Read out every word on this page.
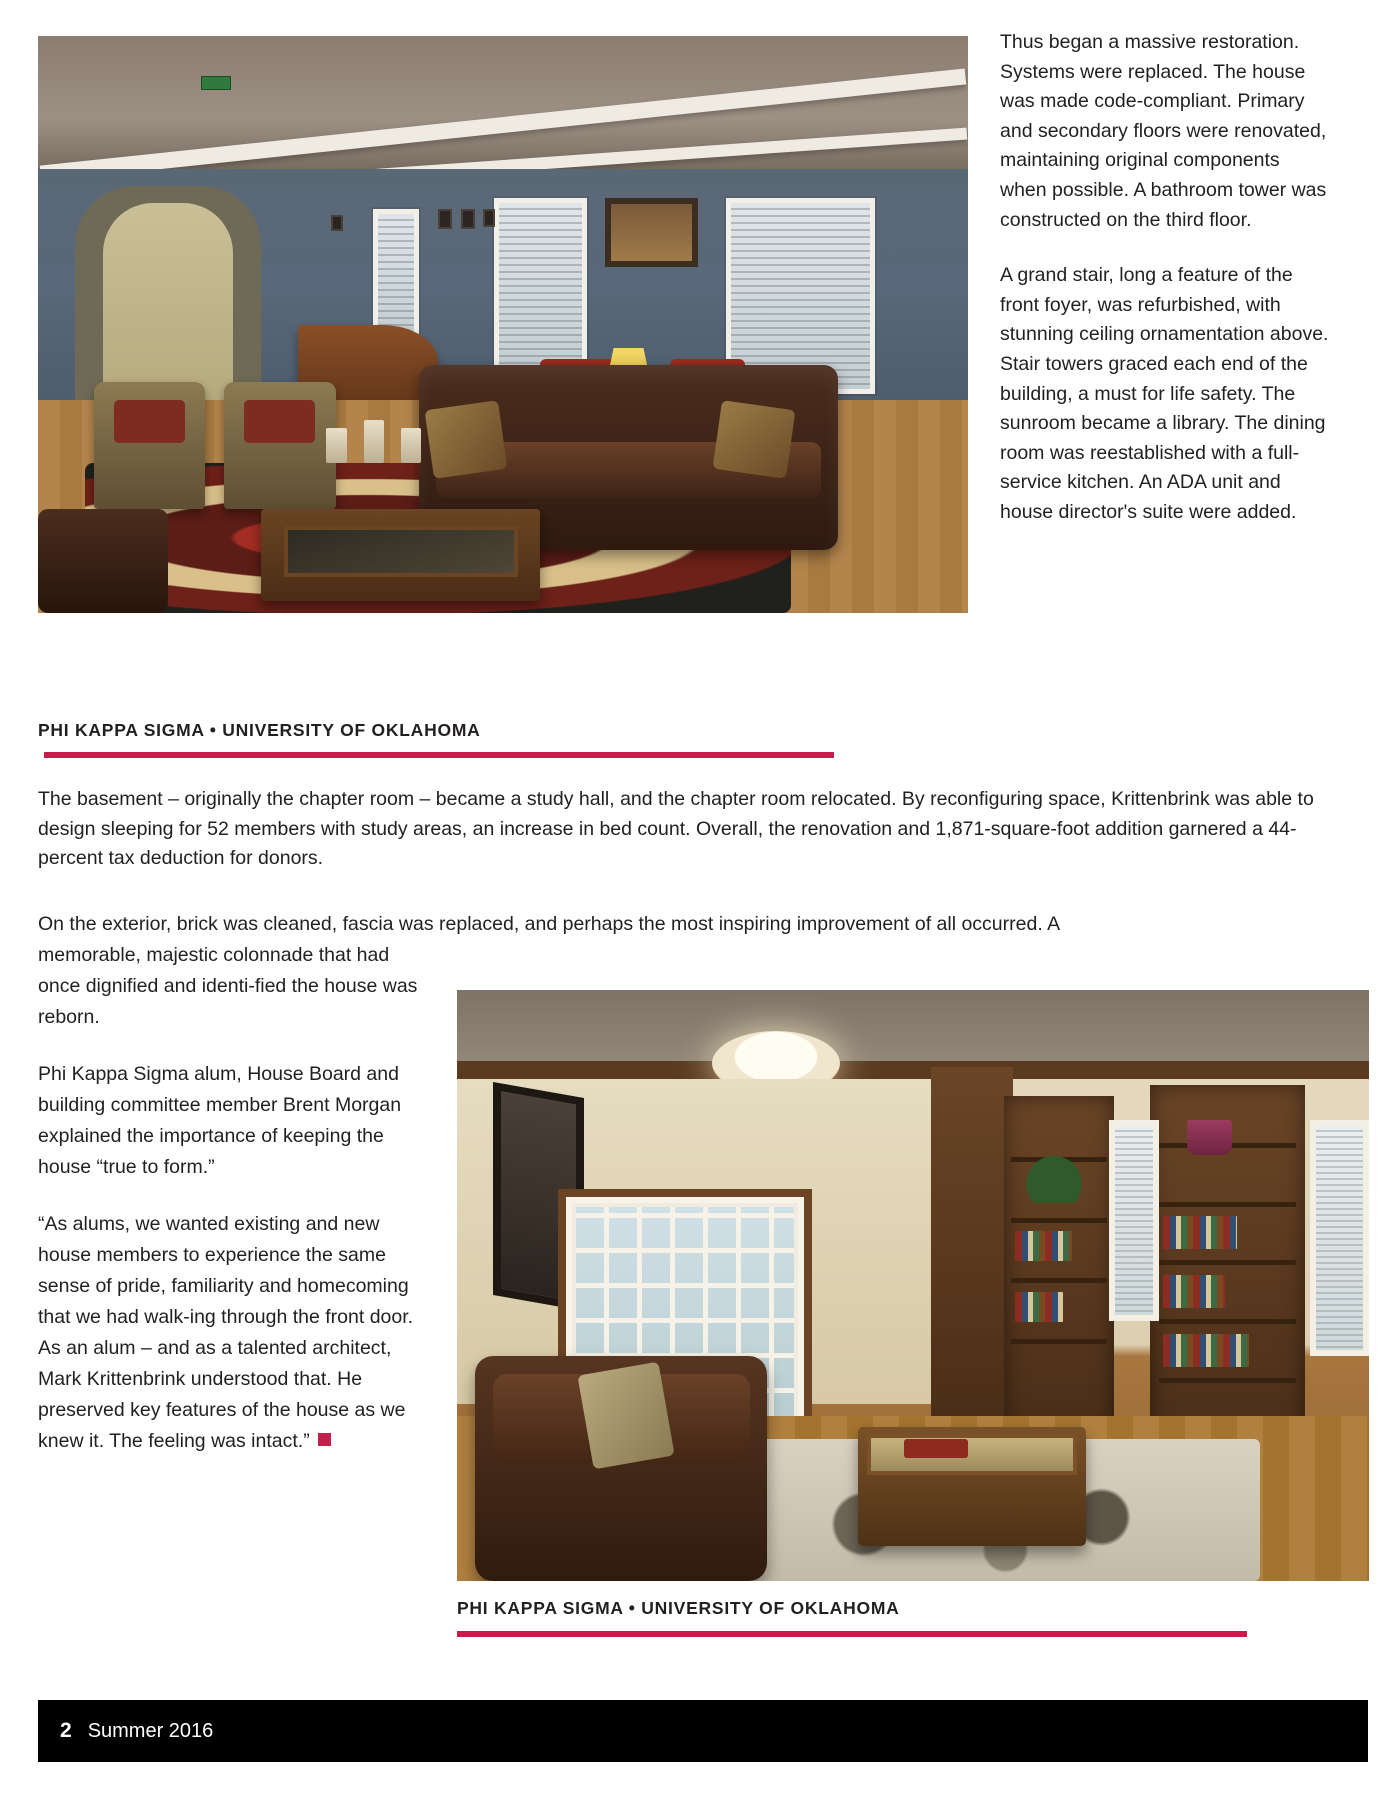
PHI KAPPA SIGMA • UNIVERSITY OF OKLAHOMA

Thus began a massive restoration. Systems were replaced. The house was made code-compliant. Primary and secondary floors were renovated, maintaining original components when possible. A bathroom tower was constructed on the third floor.

A grand stair, long a feature of the front foyer, was refurbished, with stunning ceiling ornamentation above. Stair towers graced each end of the building, a must for life safety. The sunroom became a library. The dining room was reestablished with a full-service kitchen. An ADA unit and house director's suite were added.

The basement – originally the chapter room – became a study hall, and the chapter room relocated. By reconfiguring space, Krittenbrink was able to design sleeping for 52 members with study areas, an increase in bed count. Overall, the renovation and 1,871-square-foot addition garnered a 44-percent tax deduction for donors.
On the exterior, brick was cleaned, fascia was replaced, and perhaps the most inspiring improvement of all occurred. A

memorable, majestic colonnade that had once dignified and identi-fied the house was reborn.

Phi Kappa Sigma alum, House Board and building committee member Brent Morgan explained the importance of keeping the house “true to form.”

“As alums, we wanted existing and new house members to experience the same sense of pride, familiarity and homecoming that we had walk-ing through the front door. As an alum – and as a talented architect, Mark Krittenbrink understood that. He preserved key features of the house as we knew it. The feeling was intact.”

PHI KAPPA SIGMA • UNIVERSITY OF OKLAHOMA
2 Summer 2016
